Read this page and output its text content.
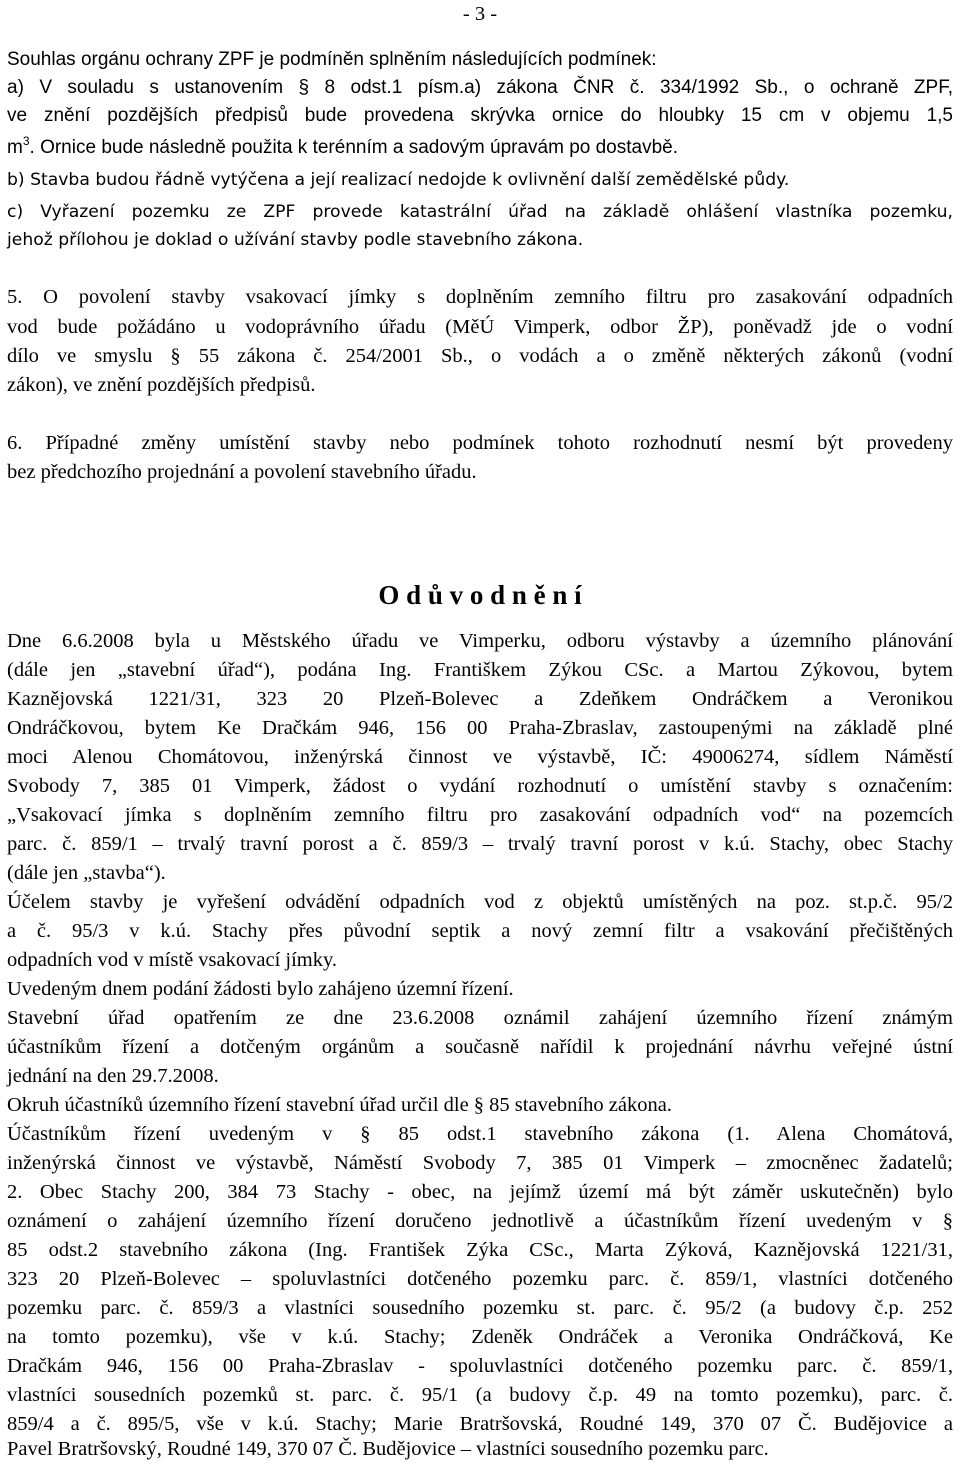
- 3 -
Souhlas orgánu ochrany ZPF je podmíněn splněním následujících podmínek:
a) V souladu s ustanovením § 8 odst.1 písm.a) zákona ČNR č. 334/1992 Sb., o ochraně ZPF,
ve znění pozdějších předpisů bude provedena skrývka ornice do hloubky 15 cm v objemu 1,5
$m^3$. Ornice bude následně použita k terénním a sadovým úpravám po dostavbě.
b) Stavba budou řádně vytýčena a její realizací nedojde k ovlivnění další zemědělské půdy.
c) Vyřazení pozemku ze ZPF provede katastrální úřad na základě ohlášení vlastníka pozemku,
jehož přílohou je doklad o užívání stavby podle stavebního zákona.
5. O povolení stavby vsakovací jímky s doplněním zemního filtru pro zasakování odpadních
vod bude požádáno u vodoprávního úřadu (MěÚ Vimperk, odbor ŽP), poněvadž jde o vodní
dílo ve smyslu § 55 zákona č. 254/2001 Sb., o vodách a o změně některých zákonů (vodní
zákon), ve znění pozdějších předpisů.
6. Případné změny umístění stavby nebo podmínek tohoto rozhodnutí nesmí být provedeny
bez předchozího projednání a povolení stavebního úřadu.
O d ů v o d n ě n í
Dne 6.6.2008 byla u Městského úřadu ve Vimperku, odboru výstavby a územního plánování
(dále jen „stavební úřad“), podána Ing. Františkem Zýkou CSc. a Martou Zýkovou, bytem
Kaznějovská 1221/31, 323 20 Plzeň-Bolevec a Zdeňkem Ondráčkem a Veronikou
Ondráčkovou, bytem Ke Dračkám 946, 156 00 Praha-Zbraslav, zastoupenými na základě plné
moci Alenou Chomátovou, inženýrská činnost ve výstavbě, IČ: 49006274, sídlem Náměstí
Svobody 7, 385 01 Vimperk, žádost o vydání rozhodnutí o umístění stavby s označením:
„Vsakovací jímka s doplněním zemního filtru pro zasakování odpadních vod“ na pozemcích
parc. č. 859/1 – trvalý travní porost a č. 859/3 – trvalý travní porost v k.ú. Stachy, obec Stachy
(dále jen „stavba“).
Účelem stavby je vyřešení odvádění odpadních vod z objektů umístěných na poz. st.p.č. 95/2
a č. 95/3 v k.ú. Stachy přes původní septik a nový zemní filtr a vsakování přečištěných
odpadních vod v místě vsakovací jímky.
Uvedeným dnem podání žádosti bylo zahájeno územní řízení.
Stavební úřad opatřením ze dne 23.6.2008 oznámil zahájení územního řízení známým
účastníkům řízení a dotčeným orgánům a současně nařídil k projednání návrhu veřejné ústní
jednání na den 29.7.2008.
Okruh účastníků územního řízení stavební úřad určil dle § 85 stavebního zákona.
Účastníkům řízení uvedeným v § 85 odst.1 stavebního zákona (1. Alena Chomátová,
inženýrská činnost ve výstavbě, Náměstí Svobody 7, 385 01 Vimperk – zmocněnec žadatelů;
2. Obec Stachy 200, 384 73 Stachy - obec, na jejímž území má být záměr uskutečněn) bylo
oznámení o zahájení územního řízení doručeno jednotlivě a účastníkům řízení uvedeným v §
85 odst.2 stavebního zákona (Ing. František Zýka CSc., Marta Zýková, Kaznějovská 1221/31,
323 20 Plzeň-Bolevec – spoluvlastníci dotčeného pozemku parc. č. 859/1, vlastníci dotčeného
pozemku parc. č. 859/3 a vlastníci sousedního pozemku st. parc. č. 95/2 (a budovy č.p. 252
na tomto pozemku), vše v k.ú. Stachy; Zdeněk Ondráček a Veronika Ondráčková, Ke
Dračkám 946, 156 00 Praha-Zbraslav - spoluvlastníci dotčeného pozemku parc. č. 859/1,
vlastníci sousedních pozemků st. parc. č. 95/1 (a budovy č.p. 49 na tomto pozemku), parc. č.
859/4 a č. 895/5, vše v k.ú. Stachy; Marie Bratršovská, Roudné 149, 370 07 Č. Budějovice a
Pavel Bratršovský, Roudné 149, 370 07 Č. Budějovice – vlastníci sousedního pozemku parc.
